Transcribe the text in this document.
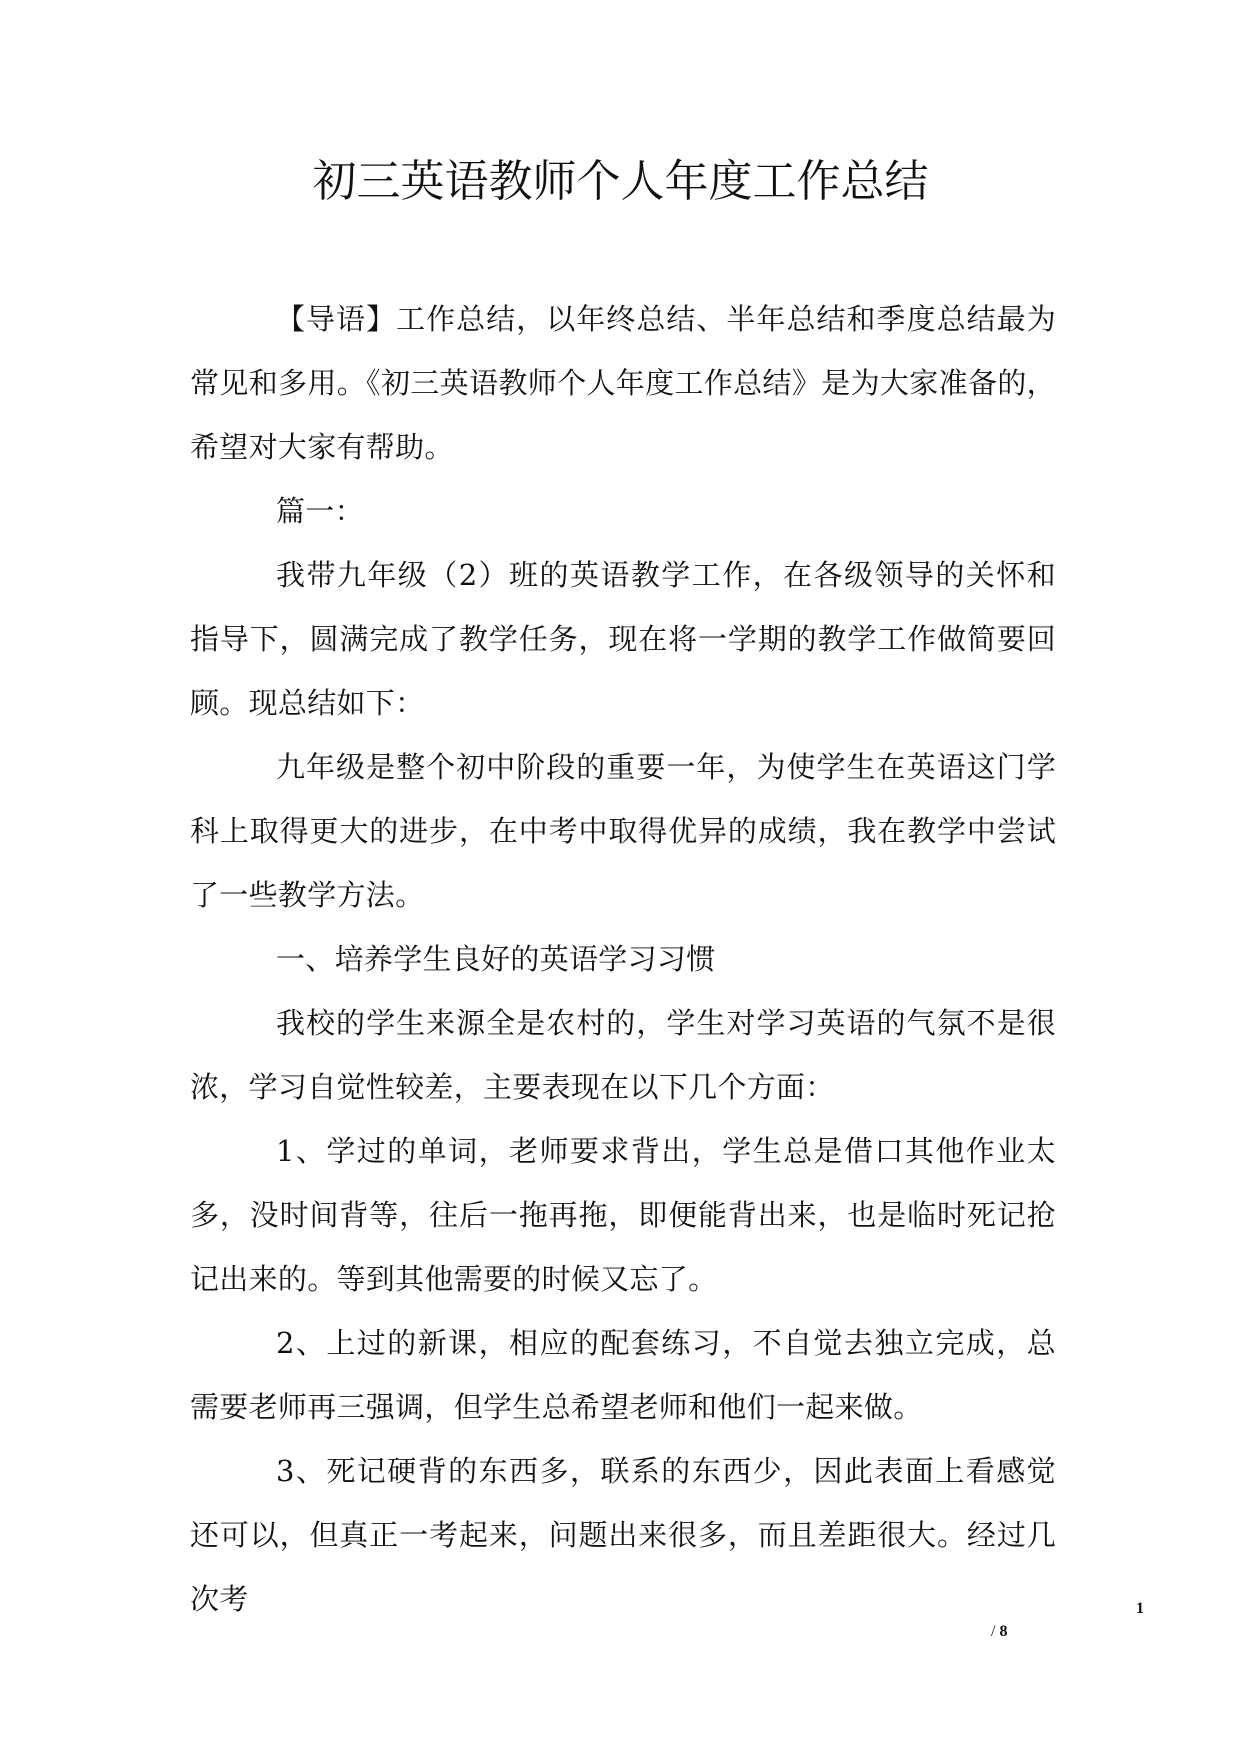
初三英语教师个人年度工作总结

【导语】工作总结，以年终总结、半年总结和季度总结最为常见和多用。《初三英语教师个人年度工作总结》是为大家准备的，希望对大家有帮助。

篇一：

我带九年级（2）班的英语教学工作，在各级领导的关怀和指导下，圆满完成了教学任务，现在将一学期的教学工作做简要回顾。现总结如下：

九年级是整个初中阶段的重要一年，为使学生在英语这门学科上取得更大的进步，在中考中取得优异的成绩，我在教学中尝试了一些教学方法。

一、培养学生良好的英语学习习惯

我校的学生来源全是农村的，学生对学习英语的气氛不是很浓，学习自觉性较差，主要表现在以下几个方面：

1、学过的单词，老师要求背出，学生总是借口其他作业太多，没时间背等，往后一拖再拖，即便能背出来，也是临时死记抢记出来的。等到其他需要的时候又忘了。

2、上过的新课，相应的配套练习，不自觉去独立完成，总需要老师再三强调，但学生总希望老师和他们一起来做。

3、死记硬背的东西多，联系的东西少，因此表面上看感觉还可以，但真正一考起来，问题出来很多，而且差距很大。经过几次考	1
/ 8
